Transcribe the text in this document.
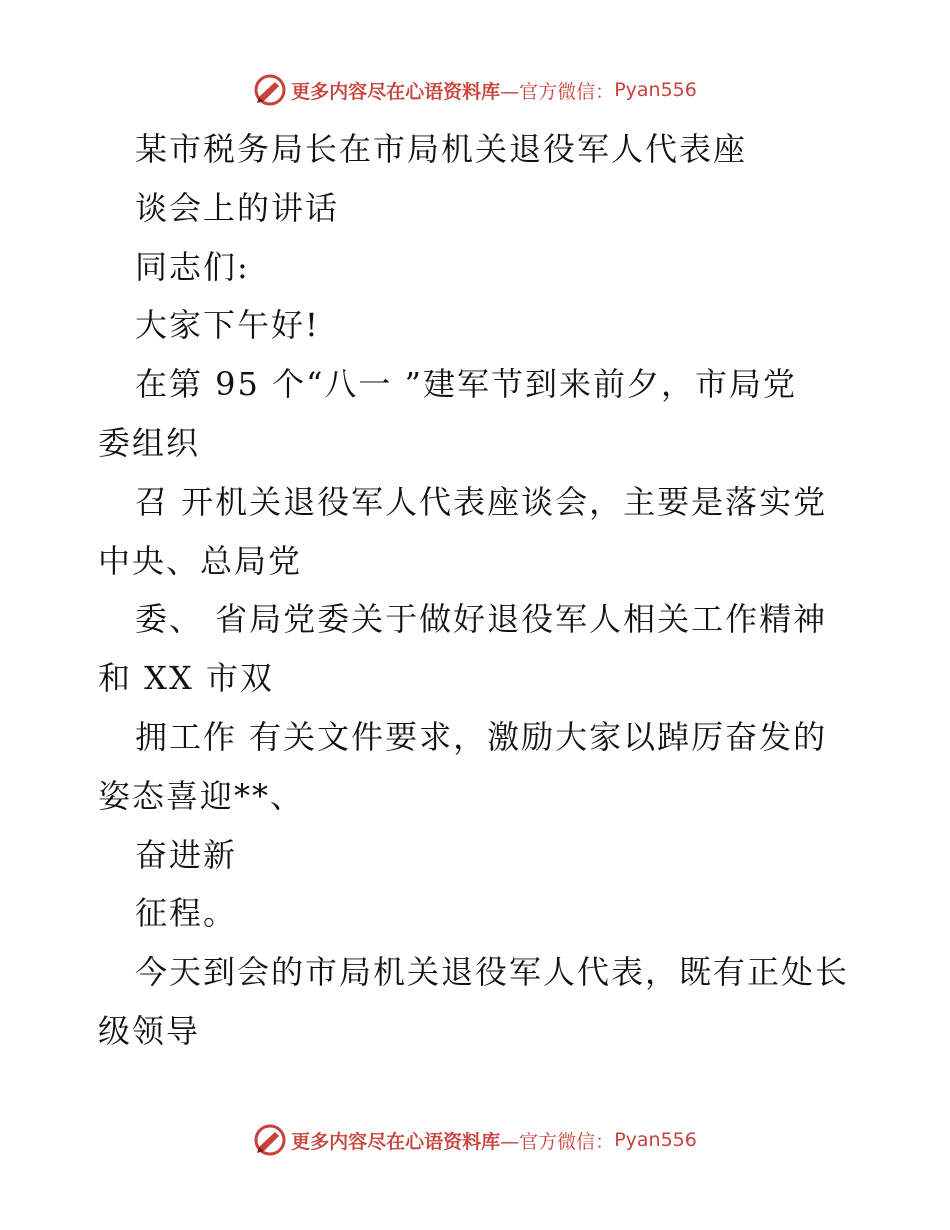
更多内容尽在心语资料库 —官方微信： Pyan556
某市税务局长在市局机关退役军人代表座
谈会上的讲话
同志们:
大家下午好!
在第 95 个“八一 ”建军节到来前夕，市局党
委组织
召 开机关退役军人代表座谈会，主要是落实党
中央、总局党
委、 省局党委关于做好退役军人相关工作精神
和 XX 市双
拥工作 有关文件要求，激励大家以踔厉奋发的
姿态喜迎**、
奋进新
征程。
今天到会的市局机关退役军人代表，既有正处长
级领导
更多内容尽在心语资料库 —官方微信： Pyan556
